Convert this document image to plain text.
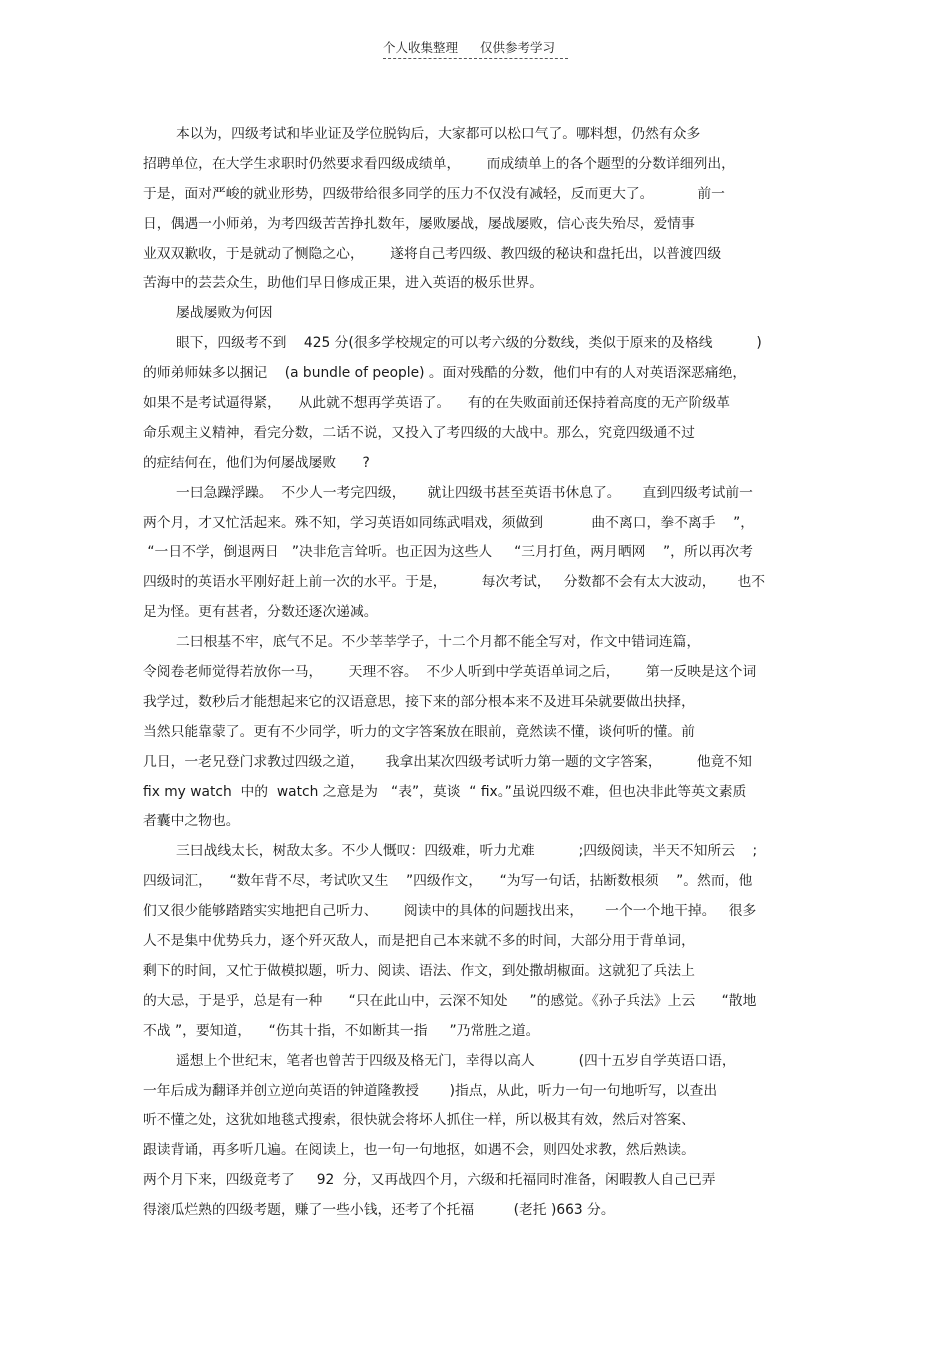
个人收集整理 仅供参考学习
本以为，四级考试和毕业证及学位脱钩后，大家都可以松口气了。哪料想，仍然有众多
招聘单位，在大学生求职时仍然要求看四级成绩单，      而成绩单上的各个题型的分数详细列出，
于是，面对严峻的就业形势，四级带给很多同学的压力不仅没有减轻，反而更大了。          前一
日，偶遇一小师弟，为考四级苦苦挣扎数年，屡败屡战，屡战屡败，信心丧失殆尽，爱情事
业双双歉收，于是就动了恻隐之心，      遂将自己考四级、教四级的秘诀和盘托出，以普渡四级
苦海中的芸芸众生，助他们早日修成正果，进入英语的极乐世界。
屡战屡败为何因
眼下，四级考不到    425 分(很多学校规定的可以考六级的分数线，类似于原来的及格线          )
的师弟师妹多以捆记    (a bundle of people) 。面对残酷的分数，他们中有的人对英语深恶痛绝，
如果不是考试逼得紧，    从此就不想再学英语了。    有的在失败面前还保持着高度的无产阶级革
命乐观主义精神，看完分数，二话不说，又投入了考四级的大战中。那么，究竟四级通不过
的症结何在，他们为何屡战屡败      ?
一曰急躁浮躁。  不少人一考完四级，     就让四级书甚至英语书休息了。     直到四级考试前一
两个月，才又忙活起来。殊不知，学习英语如同练武唱戏，须做到           曲不离口，拳不离手    ”，
“一日不学，倒退两日   ”决非危言耸听。也正因为这些人     “三月打鱼，两月晒网    ”，所以再次考
四级时的英语水平刚好赶上前一次的水平。于是，        每次考试，   分数都不会有太大波动，     也不
足为怪。更有甚者，分数还逐次递减。
二曰根基不牢，底气不足。不少莘莘学子，十二个月都不能全写对，作文中错词连篇，
令阅卷老师觉得若放你一马，      天理不容。  不少人听到中学英语单词之后，      第一反映是这个词
我学过，数秒后才能想起来它的汉语意思，接下来的部分根本来不及进耳朵就要做出抉择，
当然只能靠蒙了。更有不少同学，听力的文字答案放在眼前，竟然读不懂，谈何听的懂。前
几日，一老兄登门求教过四级之道，     我拿出某次四级考试听力第一题的文字答案，        他竟不知
fix my watch  中的  watch 之意是为   “表”，莫谈  “ fix。”虽说四级不难，但也决非此等英文素质
者囊中之物也。
三曰战线太长，树敌太多。不少人慨叹：四级难，听力尤难          ;四级阅读，半天不知所云    ;
四级词汇，    “数年背不尽，考试吹又生    ”四级作文，    “为写一句话，拈断数根须    ”。然而，他
们又很少能够踏踏实实地把自己听力、      阅读中的具体的问题找出来，     一个一个地干掉。   很多
人不是集中优势兵力，逐个歼灭敌人，而是把自己本来就不多的时间，大部分用于背单词，
剩下的时间，又忙于做模拟题，听力、阅读、语法、作文，到处撒胡椒面。这就犯了兵法上
的大忌，于是乎，总是有一种      “只在此山中，云深不知处     ”的感觉。《孙子兵法》上云      “散地
不战 ”，要知道，    “伤其十指，不如断其一指     ”乃常胜之道。
遥想上个世纪末，笔者也曾苦于四级及格无门，幸得以高人          (四十五岁自学英语口语，
一年后成为翻译并创立逆向英语的钟道隆教授       )指点，从此，听力一句一句地听写，以查出
听不懂之处，这犹如地毯式搜索，很快就会将坏人抓住一样，所以极其有效，然后对答案、
跟读背诵，再多听几遍。在阅读上，也一句一句地抠，如遇不会，则四处求教，然后熟读。
两个月下来，四级竟考了     92  分，又再战四个月，六级和托福同时准备，闲暇教人自己已弄
得滚瓜烂熟的四级考题，赚了一些小钱，还考了个托福         (老托 )663 分。
